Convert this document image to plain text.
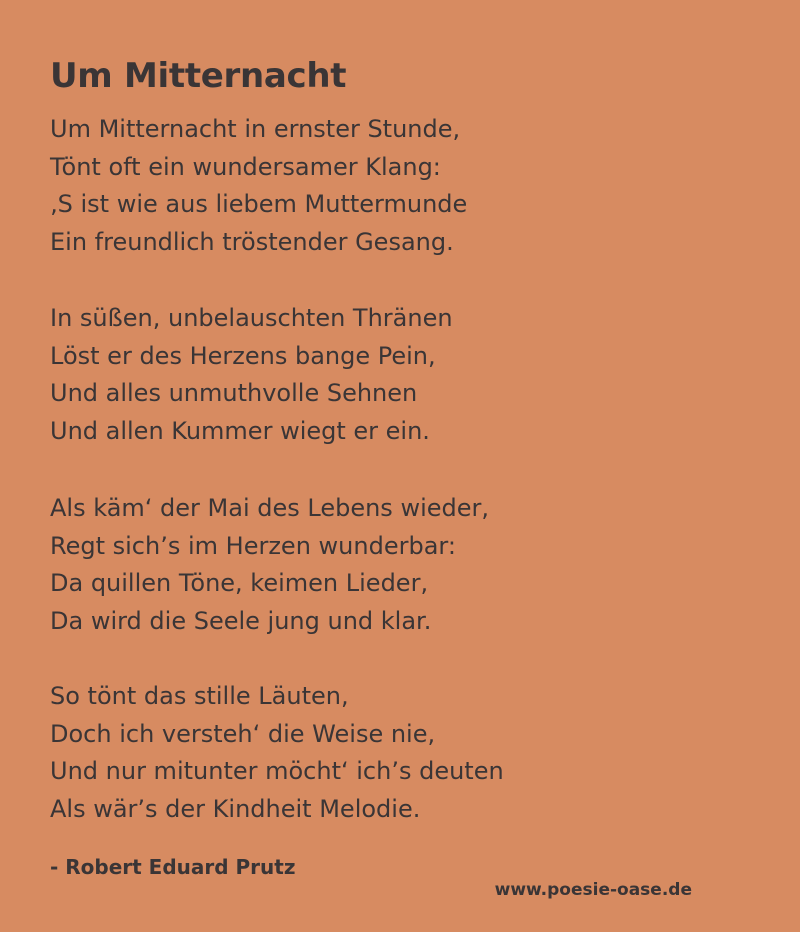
Um Mitternacht
Um Mitternacht in ernster Stunde,
Tönt oft ein wundersamer Klang:
‚S ist wie aus liebem Muttermunde
Ein freundlich tröstender Gesang.
In süßen, unbelauschten Thränen
Löst er des Herzens bange Pein,
Und alles unmuthvolle Sehnen
Und allen Kummer wiegt er ein.
Als käm‘ der Mai des Lebens wieder,
Regt sich’s im Herzen wunderbar:
Da quillen Töne, keimen Lieder,
Da wird die Seele jung und klar.
So tönt das stille Läuten,
Doch ich versteh‘ die Weise nie,
Und nur mitunter möcht‘ ich’s deuten
Als wär’s der Kindheit Melodie.
- Robert Eduard Prutz
www.poesie-oase.de
